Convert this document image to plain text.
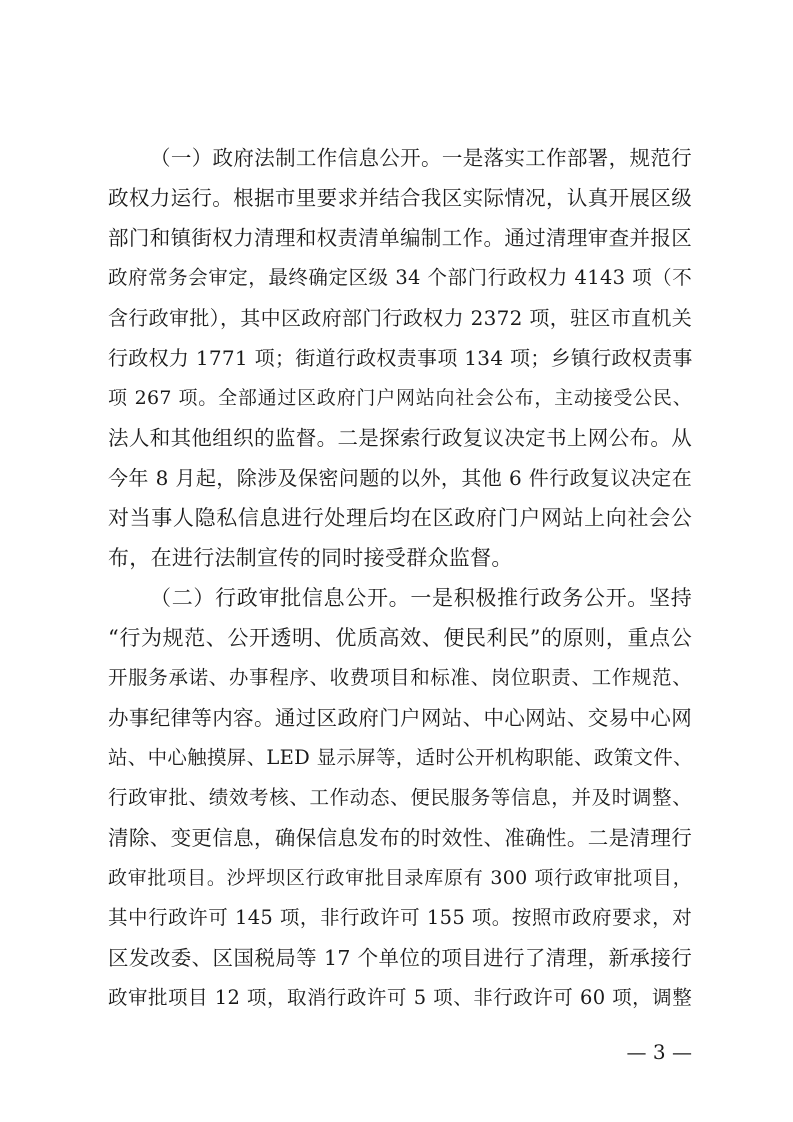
（一）政府法制工作信息公开。一是落实工作部署，规范行
政权力运行。根据市里要求并结合我区实际情况，认真开展区级
部门和镇街权力清理和权责清单编制工作。通过清理审查并报区
政府常务会审定，最终确定区级 34 个部门行政权力 4143 项（不
含行政审批），其中区政府部门行政权力 2372 项，驻区市直机关
行政权力 1771 项；街道行政权责事项 134 项；乡镇行政权责事
项 267 项。全部通过区政府门户网站向社会公布，主动接受公民、
法人和其他组织的监督。二是探索行政复议决定书上网公布。从
今年 8 月起，除涉及保密问题的以外，其他 6 件行政复议决定在
对当事人隐私信息进行处理后均在区政府门户网站上向社会公
布，在进行法制宣传的同时接受群众监督。
（二）行政审批信息公开。一是积极推行政务公开。坚持
“行为规范、公开透明、优质高效、便民利民”的原则，重点公
开服务承诺、办事程序、收费项目和标准、岗位职责、工作规范、
办事纪律等内容。通过区政府门户网站、中心网站、交易中心网
站、中心触摸屏、LED 显示屏等，适时公开机构职能、政策文件、
行政审批、绩效考核、工作动态、便民服务等信息，并及时调整、
清除、变更信息，确保信息发布的时效性、准确性。二是清理行
政审批项目。沙坪坝区行政审批目录库原有 300 项行政审批项目，
其中行政许可 145 项，非行政许可 155 项。按照市政府要求，对
区发改委、区国税局等 17 个单位的项目进行了清理，新承接行
政审批项目 12 项，取消行政许可 5 项、非行政许可 60 项，调整
— 3 —
